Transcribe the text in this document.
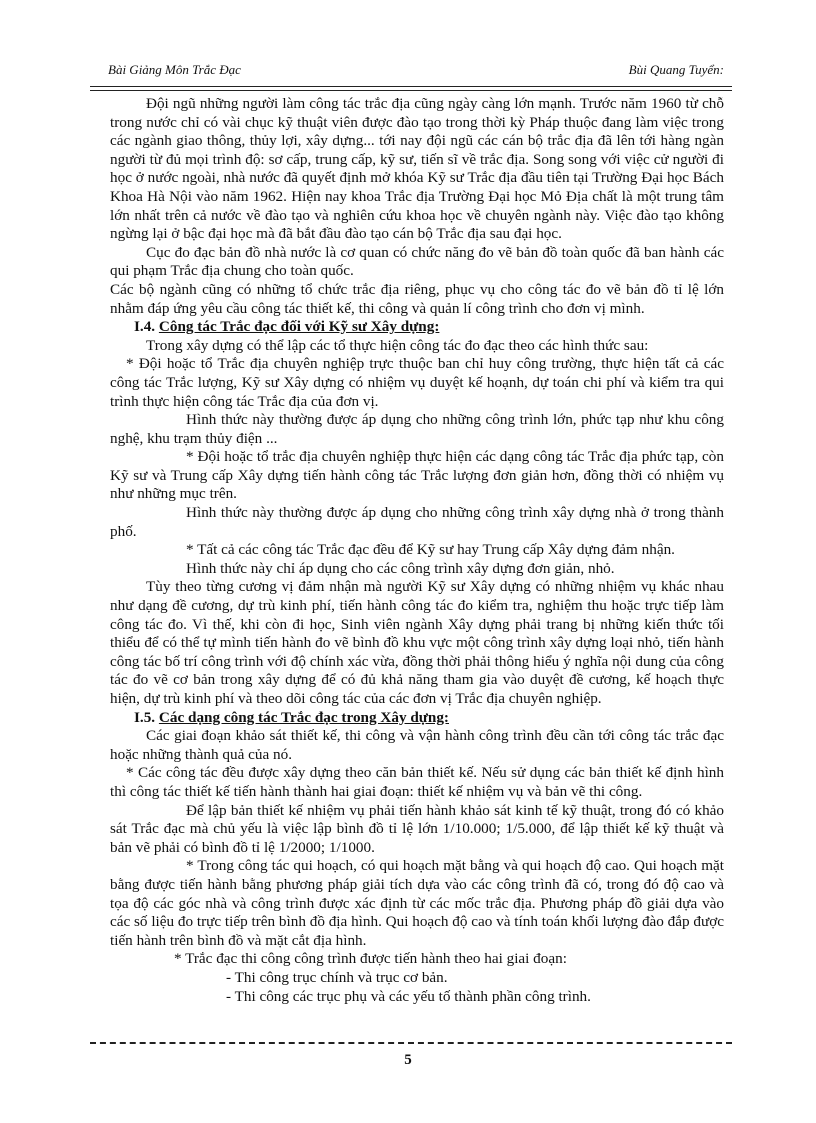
Bài Giảng Môn Trắc Đạc	Bùi Quang Tuyển:

Đội ngũ những người làm công tác trắc địa cũng ngày càng lớn mạnh. Trước năm 1960 từ chỗ trong nước chỉ có vài chục kỹ thuật viên được đào tạo trong thời kỳ Pháp thuộc đang làm việc trong các ngành giao thông, thủy lợi, xây dựng... tới nay đội ngũ các cán bộ trắc địa đã lên tới hàng ngàn người từ đủ mọi trình độ: sơ cấp, trung cấp, kỹ sư, tiến sĩ về trắc địa. Song song với việc cử người đi học ở nước ngoài, nhà nước đã quyết định mở khóa Kỹ sư Trắc địa đầu tiên tại Trường Đại học Bách Khoa Hà Nội vào năm 1962. Hiện nay khoa Trắc địa Trường Đại học Mỏ Địa chất là một trung tâm lớn nhất trên cả nước về đào tạo và nghiên cứu khoa học về chuyên ngành này. Việc đào tạo không ngừng lại ở bậc đại học mà đã bắt đầu đào tạo cán bộ Trắc địa sau đại học.

Cục đo đạc bản đồ nhà nước là cơ quan có chức năng đo vẽ bản đồ toàn quốc đã ban hành các qui phạm Trắc địa chung cho toàn quốc.

Các bộ ngành cũng có những tổ chức trắc địa riêng, phục vụ cho công tác đo vẽ bản đồ tỉ lệ lớn nhằm đáp ứng yêu cầu công tác thiết kế, thi công và quản lí công trình cho đơn vị mình.

I.4. Công tác Trắc đạc đối với Kỹ sư Xây dựng:

Trong xây dựng có thể lập các tổ thực hiện công tác đo đạc theo các hình thức sau:

* Đội hoặc tổ Trắc địa chuyên nghiệp trực thuộc ban chỉ huy công trường, thực hiện tất cả các công tác Trắc lượng, Kỹ sư Xây dựng có nhiệm vụ duyệt kế hoạnh, dự toán chi phí và kiểm tra qui trình thực hiện công tác Trắc địa của đơn vị.

Hình thức này thường được áp dụng cho những công trình lớn, phức tạp như khu công nghệ, khu trạm thủy điện ...

* Đội hoặc tổ trắc địa chuyên nghiệp thực hiện các dạng công tác Trắc địa phức tạp, còn Kỹ sư và Trung cấp Xây dựng tiến hành công tác Trắc lượng đơn giản hơn, đồng thời có nhiệm vụ như những mục trên.

Hình thức này thường được áp dụng cho những công trình xây dựng nhà ở trong thành phố.

* Tất cả các công tác Trắc đạc đều để Kỹ sư hay Trung cấp Xây dựng đảm nhận.

Hình thức này chỉ áp dụng cho các công trình xây dựng đơn giản, nhỏ.

Tùy theo từng cương vị đảm nhận mà người Kỹ sư Xây dựng có những nhiệm vụ khác nhau như dạng đề cương, dự trù kinh phí, tiến hành công tác đo kiểm tra, nghiệm thu hoặc trực tiếp làm công tác đo. Vì thế, khi còn đi học, Sinh viên ngành Xây dựng phải trang bị những kiến thức tối thiểu để có thể tự mình tiến hành đo vẽ bình đồ khu vực một công trình xây dựng loại nhỏ, tiến hành công tác bố trí công trình với độ chính xác vừa, đồng thời phải thông hiểu ý nghĩa nội dung của công tác đo vẽ cơ bản trong xây dựng để có đủ khả năng tham gia vào duyệt đề cương, kế hoạch thực hiện, dự trù kinh phí và theo dõi công tác của các đơn vị Trắc địa chuyên nghiệp.

I.5. Các dạng công tác Trắc đạc trong Xây dựng:

Các giai đoạn khảo sát thiết kế, thi công và vận hành công trình đều cần tới công tác trắc đạc hoặc những thành quả của nó.

* Các công tác đều được xây dựng theo căn bản thiết kế. Nếu sử dụng các bản thiết kế định hình thì công tác thiết kế tiến hành thành hai giai đoạn: thiết kế nhiệm vụ và bản vẽ thi công.

Để lập bản thiết kế nhiệm vụ phải tiến hành khảo sát kinh tế kỹ thuật, trong đó có khảo sát Trắc đạc mà chủ yếu là việc lập bình đồ tỉ lệ lớn 1/10.000; 1/5.000, để lập thiết kế kỹ thuật và bản vẽ phải có bình đồ tỉ lệ 1/2000; 1/1000.

* Trong công tác qui hoạch, có qui hoạch mặt bằng và qui hoạch độ cao. Qui hoạch mặt bằng được tiến hành bằng phương pháp giải tích dựa vào các công trình đã có, trong đó độ cao và tọa độ các góc nhà và công trình được xác định từ các mốc trắc địa. Phương pháp đồ giải dựa vào các số liệu đo trực tiếp trên bình đồ địa hình. Qui hoạch độ cao và tính toán khối lượng đào đắp được tiến hành trên bình đồ và mặt cắt địa hình.

* Trắc đạc thi công công trình được tiến hành theo hai giai đoạn:

- Thi công trục chính và trục cơ bản.

- Thi công các trục phụ và các yếu tố thành phần công trình.

5
